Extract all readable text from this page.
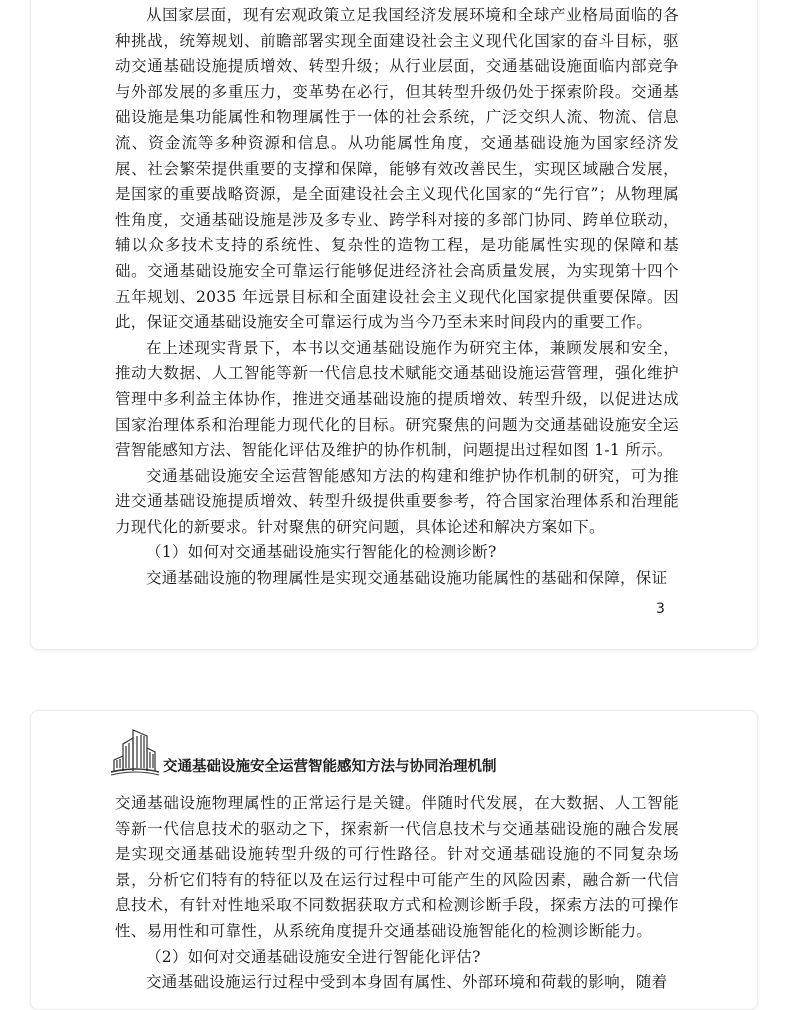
从国家层面，现有宏观政策立足我国经济发展环境和全球产业格局面临的各种挑战，统筹规划、前瞻部署实现全面建设社会主义现代化国家的奋斗目标，驱动交通基础设施提质增效、转型升级；从行业层面，交通基础设施面临内部竞争与外部发展的多重压力，变革势在必行，但其转型升级仍处于探索阶段。交通基础设施是集功能属性和物理属性于一体的社会系统，广泛交织人流、物流、信息流、资金流等多种资源和信息。从功能属性角度，交通基础设施为国家经济发展、社会繁荣提供重要的支撑和保障，能够有效改善民生，实现区域融合发展，是国家的重要战略资源，是全面建设社会主义现代化国家的“先行官”；从物理属性角度，交通基础设施是涉及多专业、跨学科对接的多部门协同、跨单位联动，辅以众多技术支持的系统性、复杂性的造物工程，是功能属性实现的保障和基础。交通基础设施安全可靠运行能够促进经济社会高质量发展，为实现第十四个五年规划、2035 年远景目标和全面建设社会主义现代化国家提供重要保障。因此，保证交通基础设施安全可靠运行成为当今乃至未来时间段内的重要工作。

在上述现实背景下，本书以交通基础设施作为研究主体，兼顾发展和安全，推动大数据、人工智能等新一代信息技术赋能交通基础设施运营管理，强化维护管理中多利益主体协作，推进交通基础设施的提质增效、转型升级，以促进达成国家治理体系和治理能力现代化的目标。研究聚焦的问题为交通基础设施安全运营智能感知方法、智能化评估及维护的协作机制，问题提出过程如图 1-1 所示。

交通基础设施安全运营智能感知方法的构建和维护协作机制的研究，可为推进交通基础设施提质增效、转型升级提供重要参考，符合国家治理体系和治理能力现代化的新要求。针对聚焦的研究问题，具体论述和解决方案如下。

（1）如何对交通基础设施实行智能化的检测诊断?

交通基础设施的物理属性是实现交通基础设施功能属性的基础和保障，保证

3
交通基础设施安全运营智能感知方法与协同治理机制

交通基础设施物理属性的正常运行是关键。伴随时代发展，在大数据、人工智能等新一代信息技术的驱动之下，探索新一代信息技术与交通基础设施的融合发展是实现交通基础设施转型升级的可行性路径。针对交通基础设施的不同复杂场景，分析它们特有的特征以及在运行过程中可能产生的风险因素，融合新一代信息技术，有针对性地采取不同数据获取方式和检测诊断手段，探索方法的可操作性、易用性和可靠性，从系统角度提升交通基础设施智能化的检测诊断能力。

（2）如何对交通基础设施安全进行智能化评估?

交通基础设施运行过程中受到本身固有属性、外部环境和荷载的影响，随着
